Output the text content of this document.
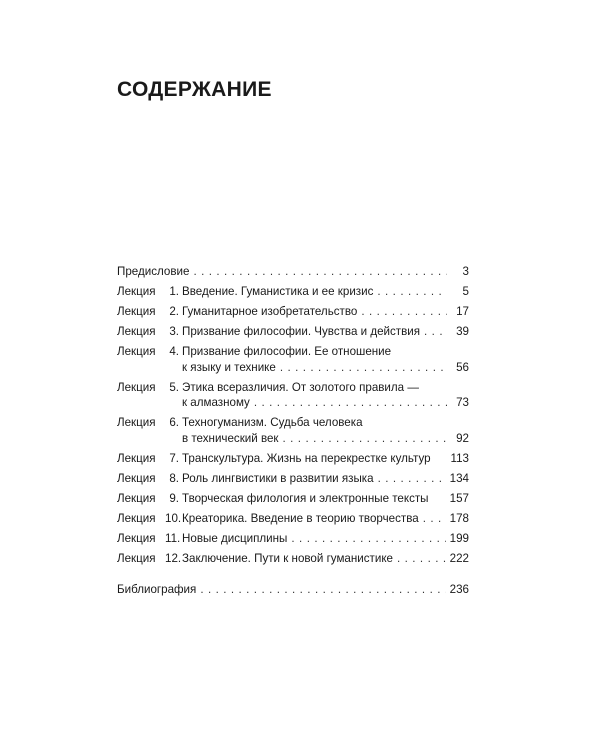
СОДЕРЖАНИЕ
Предисловие
. . .	3
Лекция	1. Введение. Гуманистика и ее кризис
. . .	5
Лекция	2. Гуманитарное изобретательство
. . .	17
Лекция	3. Призвание философии. Чувства и действия
. . .	39
Лекция	4. Призвание философии. Ее отношение
к языку и технике
. . .	56
Лекция	5. Этика всеразличия. От золотого правила —
к алмазному
. . .	73
Лекция	6. Техногуманизм. Судьба человека
в технический век
. . .	92
Лекция	7. Транскультура. Жизнь на перекрестке культур 113
Лекция	8. Роль лингвистики в развитии языка
. . .	134
Лекция	9. Творческая филология и электронные тексты 157
Лекция 10. Креаторика. Введение в теорию творчества
. . .	178
Лекция 11. Новые дисциплины
. . .	199
Лекция 12. Заключение. Пути к новой гуманистике
. . .	222
Библиография
. . .	236
